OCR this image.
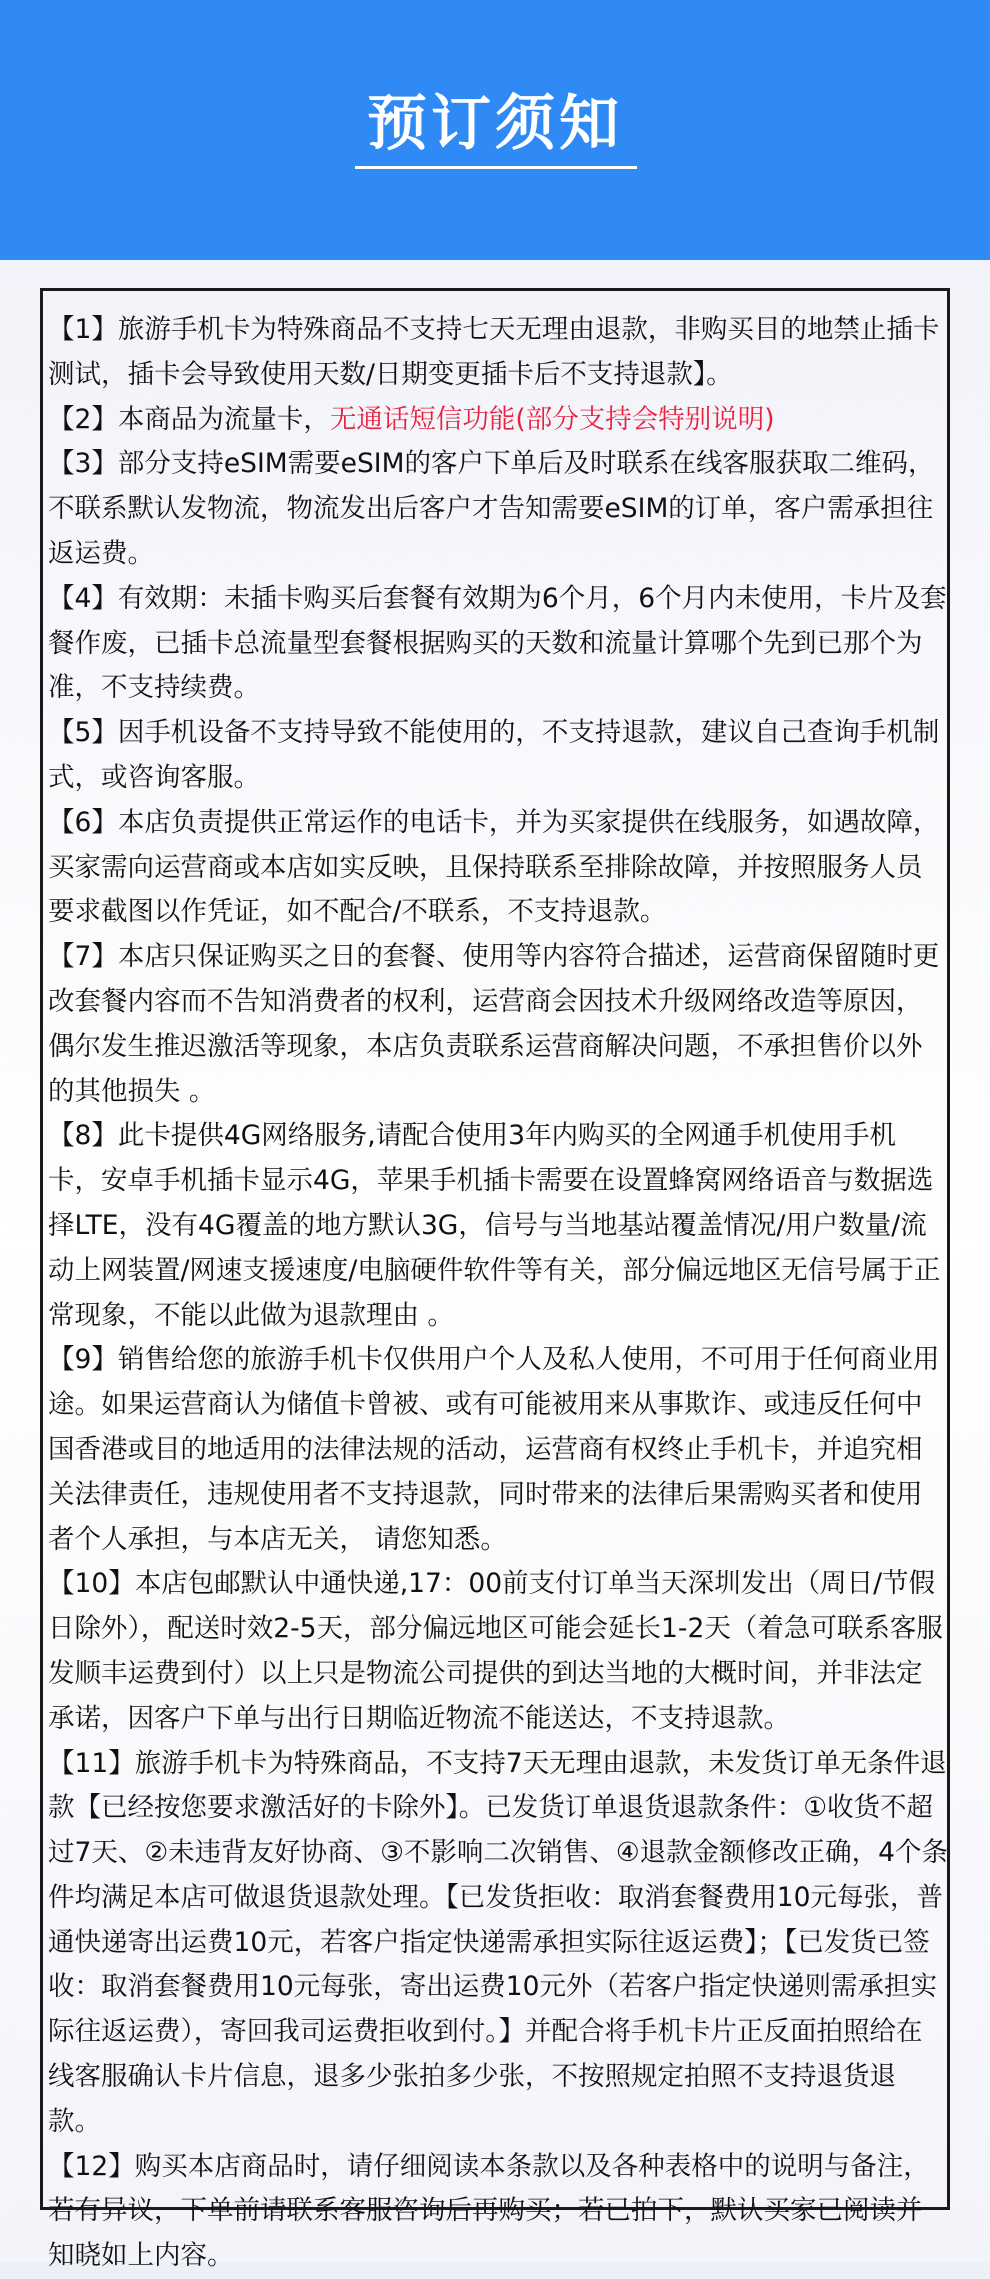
预订须知
【1】旅游手机卡为特殊商品不支持七天无理由退款，非购买目的地禁止插卡测试，插卡会导致使用天数/日期变更插卡后不支持退款】。
【2】本商品为流量卡，无通话短信功能(部分支持会特别说明)
【3】部分支持eSIM需要eSIM的客户下单后及时联系在线客服获取二维码，不联系默认发物流，物流发出后客户才告知需要eSIM的订单，客户需承担往返运费。
【4】有效期：未插卡购买后套餐有效期为6个月，6个月内未使用，卡片及套餐作废，已插卡总流量型套餐根据购买的天数和流量计算哪个先到已那个为准，不支持续费。
【5】因手机设备不支持导致不能使用的，不支持退款，建议自己查询手机制式，或咨询客服。
【6】本店负责提供正常运作的电话卡，并为买家提供在线服务，如遇故障，买家需向运营商或本店如实反映，且保持联系至排除故障，并按照服务人员要求截图以作凭证，如不配合/不联系，不支持退款。
【7】本店只保证购买之日的套餐、使用等内容符合描述，运营商保留随时更改套餐内容而不告知消费者的权利，运营商会因技术升级网络改造等原因，偶尔发生推迟激活等现象，本店负责联系运营商解决问题，不承担售价以外的其他损失 。
【8】此卡提供4G网络服务,请配合使用3年内购买的全网通手机使用手机卡，安卓手机插卡显示4G，苹果手机插卡需要在设置蜂窝网络语音与数据选择LTE，没有4G覆盖的地方默认3G，信号与当地基站覆盖情况/用户数量/流动上网装置/网速支援速度/电脑硬件软件等有关，部分偏远地区无信号属于正常现象，不能以此做为退款理由 。
【9】销售给您的旅游手机卡仅供用户个人及私人使用，不可用于任何商业用途。如果运营商认为储值卡曾被、或有可能被用来从事欺诈、或违反任何中国香港或目的地适用的法律法规的活动，运营商有权终止手机卡，并追究相关法律责任，违规使用者不支持退款，同时带来的法律后果需购买者和使用者个人承担，与本店无关， 请您知悉。
【10】本店包邮默认中通快递,17：00前支付订单当天深圳发出（周日/节假日除外），配送时效2-5天，部分偏远地区可能会延长1-2天（着急可联系客服发顺丰运费到付）以上只是物流公司提供的到达当地的大概时间，并非法定承诺，因客户下单与出行日期临近物流不能送达，不支持退款。
【11】旅游手机卡为特殊商品，不支持7天无理由退款，未发货订单无条件退款【已经按您要求激活好的卡除外】。已发货订单退货退款条件：①收货不超过7天、②未违背友好协商、③不影响二次销售、④退款金额修改正确，4个条件均满足本店可做退货退款处理。【已发货拒收：取消套餐费用10元每张，普通快递寄出运费10元，若客户指定快递需承担实际往返运费】；【已发货已签收：取消套餐费用10元每张，寄出运费10元外（若客户指定快递则需承担实际往返运费），寄回我司运费拒收到付。】并配合将手机卡片正反面拍照给在线客服确认卡片信息，退多少张拍多少张，不按照规定拍照不支持退货退款。
【12】购买本店商品时，请仔细阅读本条款以及各种表格中的说明与备注，若有异议，下单前请联系客服咨询后再购买；若已拍下，默认买家已阅读并知晓如上内容。
